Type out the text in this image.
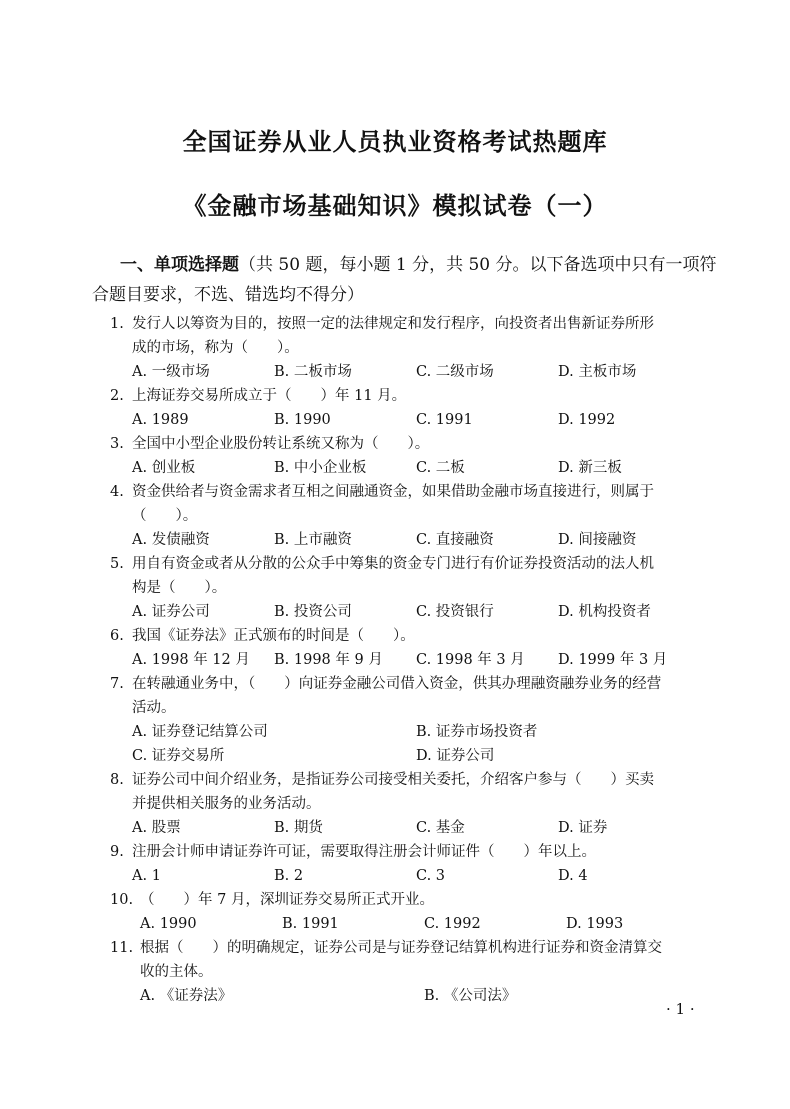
全国证券从业人员执业资格考试热题库
《金融市场基础知识》模拟试卷（一）
一、单项选择题（共 50 题，每小题 1 分，共 50 分。以下备选项中只有一项符合题目要求，不选、错选均不得分）
1. 发行人以筹资为目的，按照一定的法律规定和发行程序，向投资者出售新证券所形
成的市场，称为（　　）。
A. 一级市场	B. 二板市场	C. 二级市场	D. 主板市场
2. 上海证券交易所成立于（　　）年 11 月。
A. 1989	B. 1990	C. 1991	D. 1992
3. 全国中小型企业股份转让系统又称为（　　）。
A. 创业板	B. 中小企业板	C. 二板	D. 新三板
4. 资金供给者与资金需求者互相之间融通资金，如果借助金融市场直接进行，则属于
（　　）。
A. 发债融资	B. 上市融资	C. 直接融资	D. 间接融资
5. 用自有资金或者从分散的公众手中筹集的资金专门进行有价证券投资活动的法人机
构是（　　）。
A. 证券公司	B. 投资公司	C. 投资银行	D. 机构投资者
6. 我国《证券法》正式颁布的时间是（　　）。
A. 1998 年 12 月	B. 1998 年 9 月	C. 1998 年 3 月	D. 1999 年 3 月
7. 在转融通业务中，（　　）向证券金融公司借入资金，供其办理融资融券业务的经营
活动。
A. 证券登记结算公司	B. 证券市场投资者
C. 证券交易所	D. 证券公司
8. 证券公司中间介绍业务，是指证券公司接受相关委托，介绍客户参与（　　）买卖
并提供相关服务的业务活动。
A. 股票	B. 期货	C. 基金	D. 证券
9. 注册会计师申请证券许可证，需要取得注册会计师证件（　　）年以上。
A. 1	B. 2	C. 3	D. 4
10. （　　）年 7 月，深圳证券交易所正式开业。
A. 1990	B. 1991	C. 1992	D. 1993
11. 根据（　　）的明确规定，证券公司是与证券登记结算机构进行证券和资金清算交
收的主体。
A. 《证券法》	B. 《公司法》
· 1 ·
